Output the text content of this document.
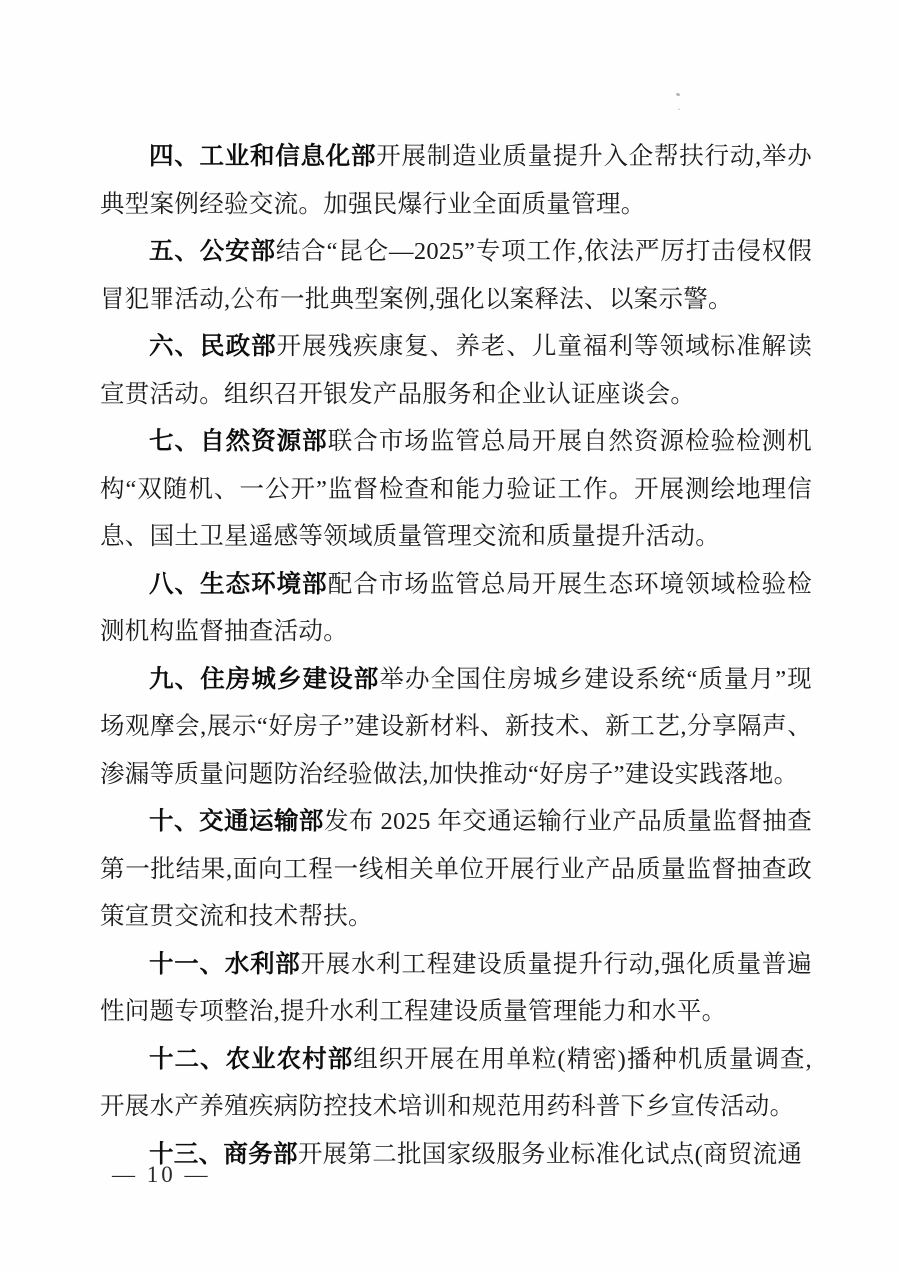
四、工业和信息化部开展制造业质量提升入企帮扶行动,举办典型案例经验交流。加强民爆行业全面质量管理。

五、公安部结合“昆仑—2025”专项工作,依法严厉打击侵权假冒犯罪活动,公布一批典型案例,强化以案释法、以案示警。

六、民政部开展残疾康复、养老、儿童福利等领域标准解读宣贯活动。组织召开银发产品服务和企业认证座谈会。

七、自然资源部联合市场监管总局开展自然资源检验检测机构“双随机、一公开”监督检查和能力验证工作。开展测绘地理信息、国土卫星遥感等领域质量管理交流和质量提升活动。

八、生态环境部配合市场监管总局开展生态环境领域检验检测机构监督抽查活动。

九、住房城乡建设部举办全国住房城乡建设系统“质量月”现场观摩会,展示“好房子”建设新材料、新技术、新工艺,分享隔声、渗漏等质量问题防治经验做法,加快推动“好房子”建设实践落地。

十、交通运输部发布 2025 年交通运输行业产品质量监督抽查第一批结果,面向工程一线相关单位开展行业产品质量监督抽查政策宣贯交流和技术帮扶。

十一、水利部开展水利工程建设质量提升行动,强化质量普遍性问题专项整治,提升水利工程建设质量管理能力和水平。

十二、农业农村部组织开展在用单粒(精密)播种机质量调查,开展水产养殖疾病防控技术培训和规范用药科普下乡宣传活动。

十三、商务部开展第二批国家级服务业标准化试点(商贸流通

— 10 —
